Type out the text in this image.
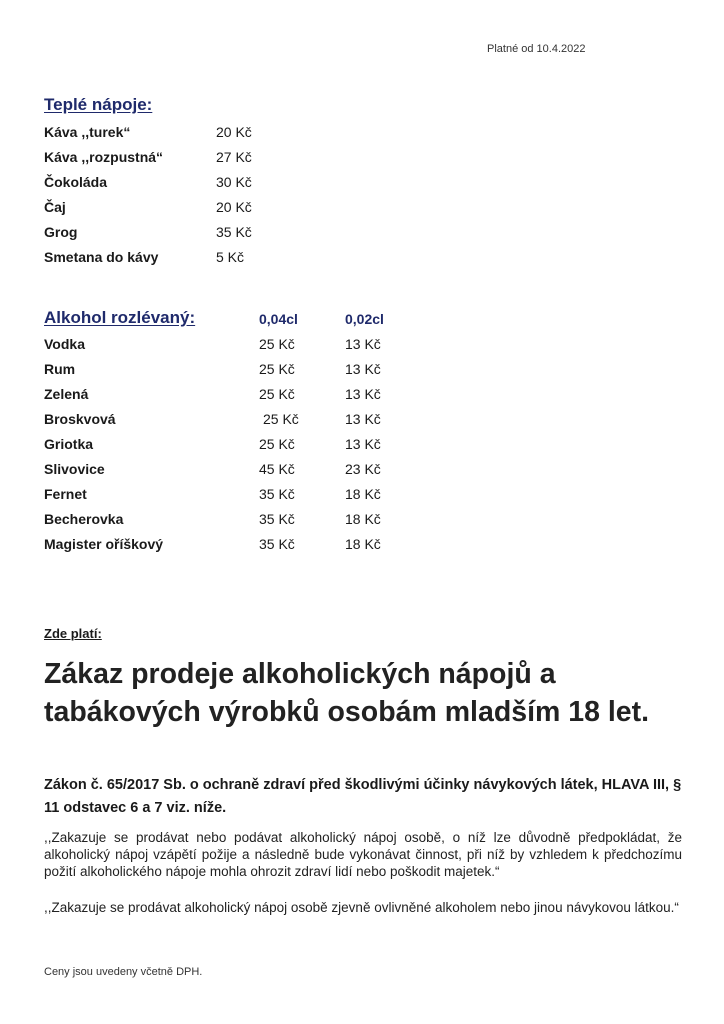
Platné od 10.4.2022
Teplé nápoje:
Káva ,,turek“	20 Kč
Káva ,,rozpustná“	27 Kč
Čokoláda	30 Kč
Čaj	20 Kč
Grog	35 Kč
Smetana do kávy	5 Kč
Alkohol rozlévaný:	0,04cl	0,02cl
Vodka	25 Kč	13 Kč
Rum	25 Kč	13 Kč
Zelená	25 Kč	13 Kč
Broskvová	25 Kč	13 Kč
Griotka	25 Kč	13 Kč
Slivovice	45 Kč	23 Kč
Fernet	35 Kč	18 Kč
Becherovka	35 Kč	18 Kč
Magister oříškový	35 Kč	18 Kč
Zde platí:
Zákaz prodeje alkoholických nápojů a tabákových výrobků osobám mladším 18 let.
Zákon č. 65/2017 Sb. o ochraně zdraví před škodlivými účinky návykových látek, HLAVA III, § 11 odstavec 6 a 7 viz. níže.
,,Zakazuje se prodávat nebo podávat alkoholický nápoj osobě, o níž lze důvodně předpokládat, že alkoholický nápoj vzápětí požije a následně bude vykonávat činnost, při níž by vzhledem k předchozímu požití alkoholického nápoje mohla ohrozit zdraví lidí nebo poškodit majetek.“
,,Zakazuje se prodávat alkoholický nápoj osobě zjevně ovlivněné alkoholem nebo jinou návykovou látkou.“
Ceny jsou uvedeny včetně DPH.
